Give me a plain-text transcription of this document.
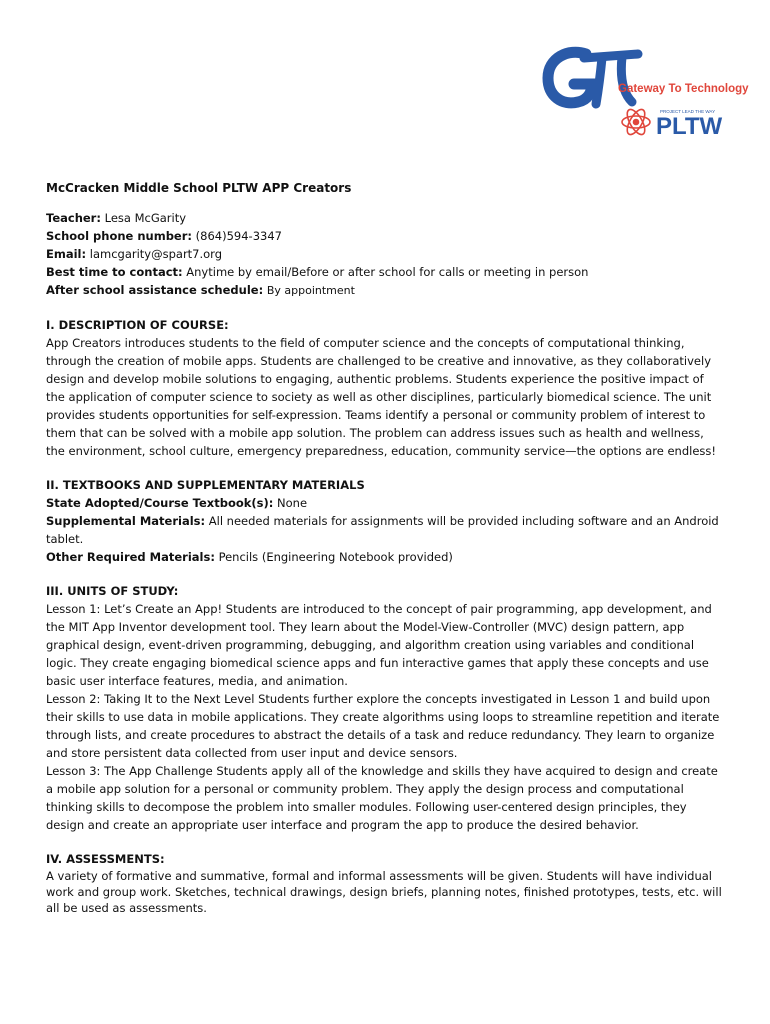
Gateway To Technology
PROJECT LEAD THE WAY
PLTW

McCracken Middle School PLTW APP Creators

Teacher: Lesa McGarity

School phone number: (864)594-3347

Email: lamcgarity@spart7.org

Best time to contact: Anytime by email/Before or after school for calls or meeting in person

After school assistance schedule: By appointment

I. DESCRIPTION OF COURSE:

App Creators introduces students to the field of computer science and the concepts of computational thinking, through the creation of mobile apps. Students are challenged to be creative and innovative, as they collaboratively design and develop mobile solutions to engaging, authentic problems. Students experience the positive impact of the application of computer science to society as well as other disciplines, particularly biomedical science. The unit provides students opportunities for self-expression. Teams identify a personal or community problem of interest to them that can be solved with a mobile app solution. The problem can address issues such as health and wellness, the environment, school culture, emergency preparedness, education, community service—the options are endless!

II. TEXTBOOKS AND SUPPLEMENTARY MATERIALS

State Adopted/Course Textbook(s): None

Supplemental Materials: All needed materials for assignments will be provided including software and an Android tablet.

Other Required Materials: Pencils (Engineering Notebook provided)

III. UNITS OF STUDY:

Lesson 1: Let’s Create an App! Students are introduced to the concept of pair programming, app development, and the MIT App Inventor development tool. They learn about the Model-View-Controller (MVC) design pattern, app graphical design, event-driven programming, debugging, and algorithm creation using variables and conditional logic. They create engaging biomedical science apps and fun interactive games that apply these concepts and use basic user interface features, media, and animation.

Lesson 2: Taking It to the Next Level Students further explore the concepts investigated in Lesson 1 and build upon their skills to use data in mobile applications. They create algorithms using loops to streamline repetition and iterate through lists, and create procedures to abstract the details of a task and reduce redundancy. They learn to organize and store persistent data collected from user input and device sensors.

Lesson 3: The App Challenge Students apply all of the knowledge and skills they have acquired to design and create a mobile app solution for a personal or community problem. They apply the design process and computational thinking skills to decompose the problem into smaller modules. Following user-centered design principles, they design and create an appropriate user interface and program the app to produce the desired behavior.

IV. ASSESSMENTS:

A variety of formative and summative, formal and informal assessments will be given. Students will have individual work and group work. Sketches, technical drawings, design briefs, planning notes, finished prototypes, tests, etc. will all be used as assessments.
